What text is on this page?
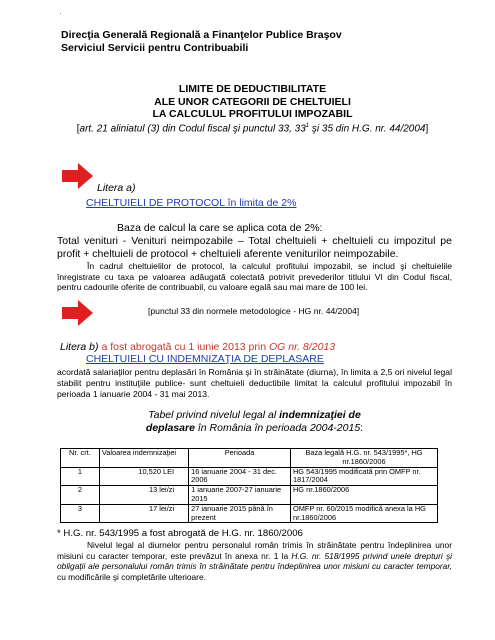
Direcţia Generală Regională a Finanţelor Publice Braşov
Serviciul Servicii pentru Contribuabili
LIMITE DE DEDUCTIBILITATE
ALE UNOR CATEGORII DE CHELTUIELI
LA CALCULUL PROFITULUI IMPOZABIL
[art. 21 aliniatul (3) din Codul fiscal şi punctul 33, $33^1$ şi 35 din H.G. nr. 44/2004]
Litera a)
CHELTUIELI DE PROTOCOL în limita de 2%
Baza de calcul la care se aplica cota de 2%:
Total venituri - Venituri neimpozabile – Total cheltuieli + cheltuieli cu impozitul pe profit + cheltuieli de protocol + cheltuieli aferente veniturilor neimpozabile.
În cadrul cheltuielilor de protocol, la calculul profitului impozabil, se includ şi cheltuielile înregistrate cu taxa pe valoarea adăugată colectată potrivit prevederilor titlului VI din Codul fiscal, pentru cadourile oferite de contribuabil, cu valoare egală sau mai mare de 100 lei.
[punctul 33 din normele metodologice - HG nr. 44/2004]
Litera b) a fost abrogată cu 1 iunie 2013 prin OG nr. 8/2013
CHELTUIELI CU INDEMNIZAŢIA DE DEPLASARE
acordată salariaţilor pentru deplasări în România şi în străinătate (diurna), în limita a 2,5 ori nivelul legal stabilit pentru instituţiile publice- sunt cheltuieli deductibile limitat la calculul profitului impozabil în perioada 1 ianuarie 2004 - 31 mai 2013.
Tabel privind nivelul legal al indemnizaţiei de
deplasare în România în perioada 2004-2015:
Nr. crt.	Valoarea indemnizaţiei	Perioada	Baza legală H.G. nr. 543/1995*, HG nr.1860/2006
1	10,520 LEI	16 ianuarie 2004 - 31 dec. 2006	HG 543/1995 modificată prin OMFP nr. 1817/2004
2	13 lei/zi	1 ianuarie 2007-27 ianuarie 2015	HG nr.1860/2006
3	17 lei/zi	27 ianuarie 2015 până în prezent	OMFP nr. 60/2015 modifică anexa la HG nr.1860/2006
* H.G. nr. 543/1995 a fost abrogată de H.G. nr. 1860/2006
Nivelul legal al diurnelor pentru personalul român trimis în străinătate pentru îndeplinirea unor misiuni cu caracter temporar, este prevăzut în anexa nr. 1 la H.G. nr. 518/1995 privind unele drepturi şi obligaţii ale personalului român trimis în străinătate pentru îndeplinirea unor misiuni cu caracter temporar, cu modificările şi completările ulterioare.
